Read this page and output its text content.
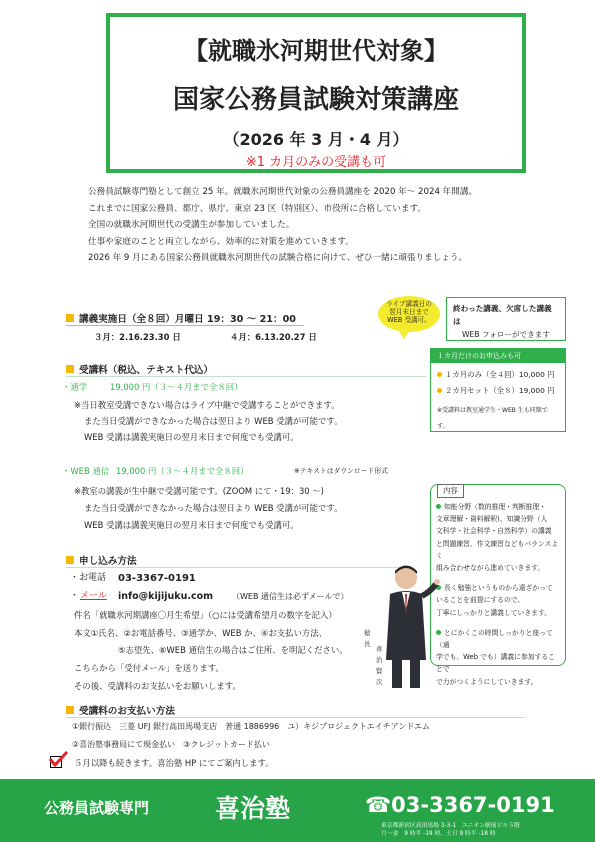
【就職氷河期世代対象】
国家公務員試験対策講座
（2026 年 3 月・4 月）
※1 カ月のみの受講も可
公務員試験専門塾として創立 25 年。就職氷河期世代対象の公務員講座を 2020 年～ 2024 年開講。
これまでに国家公務員、都庁、県庁、東京 23 区（特別区）、市役所に合格しています。
全国の就職氷河期世代の受講生が参加していました。
仕事や家庭のことと両立しながら、効率的に対策を進めていきます。
2026 年 9 月にある国家公務員就職氷河期世代の試験合格に向けて、ぜひ一緒に頑張りましょう。
講義実施日（全８回）月曜日 19：30 ～ 21：00
３月：2.16.23.30 日	４月：6.13.20.27 日
ライブ講義日の
翌月末日まで
WEB 受講可。
終わった講義、欠席した講義は
WEB フォローができます
受講料（税込、テキスト代込）
・通学	19,000 円（３～４月まで全８回）
※当日教室受講できない場合はライブ中継で受講することができます。
また当日受講ができなかった場合は翌日より WEB 受講が可能です。
WEB 受講は講義実施日の翌月末日まで何度でも受講可。
・WEB 通信 19,000 円（３～４月まで全８回）	※テキストはダウンロード形式
※教室の講義が生中継で受講可能です。(ZOOM にて・19：30 ～)
また当日受講ができなかった場合は翌日より WEB 受講が可能です。
WEB 受講は講義実施日の翌月末日まで何度でも受講可。
１カ月だけのお申込みも可
１カ月のみ（全４回）10,000 円
２カ月セット（全８）19,000 円
※受講料は教室通学生・WEB 生も同額です。
内容
知能分野（数的推理・判断推理・
文章理解・資料解釈)、知識分野（人
文科学・社会科学・自然科学）の講義
と問題練習、作文練習などもバランスよく
組み合わせながら進めていきます。
長く勉強というものから遠ざかって
いることを前提にするので、
丁寧にしっかりと講義していきます。
とにかくこの時間しっかりと座って（通
学でも、Web でも）講義に参加することで
で力がつくようにしていきます。
申し込み方法
・お電話 03-3367-0191
・ メール info@kijijuku.com （WEB 通信生は必ずメールで）
件名「就職氷河期講座〇月生希望」（○には受講希望月の数字を記入）
本文①氏名、②お電話番号、③通学か、WEB か、④お支払い方法、
⑤志望先、⑥WEB 通信生の場合はご住所、を明記ください。
こちらから「受付メール」を送ります。
その後、受講料のお支払いをお願いします。
塾長
喜治
賢次
受講料のお支払い方法
①銀行振込　三菱 UFJ 銀行高田馬場支店　普通 1886996　ユ）キジプロジェクトエイチアンドエム
②喜治塾事務局にて現金払い　③クレジットカード払い
５月以降も続きます。喜治塾 HP にてご案内します。
公務員試験専門	喜治塾	☎03-3367-0191
東京都新宿区高田馬場 3-3-1　ユニオン駅前ビル５階
月～金　9 時半 -19 時、土日 9 時半 -18 時
